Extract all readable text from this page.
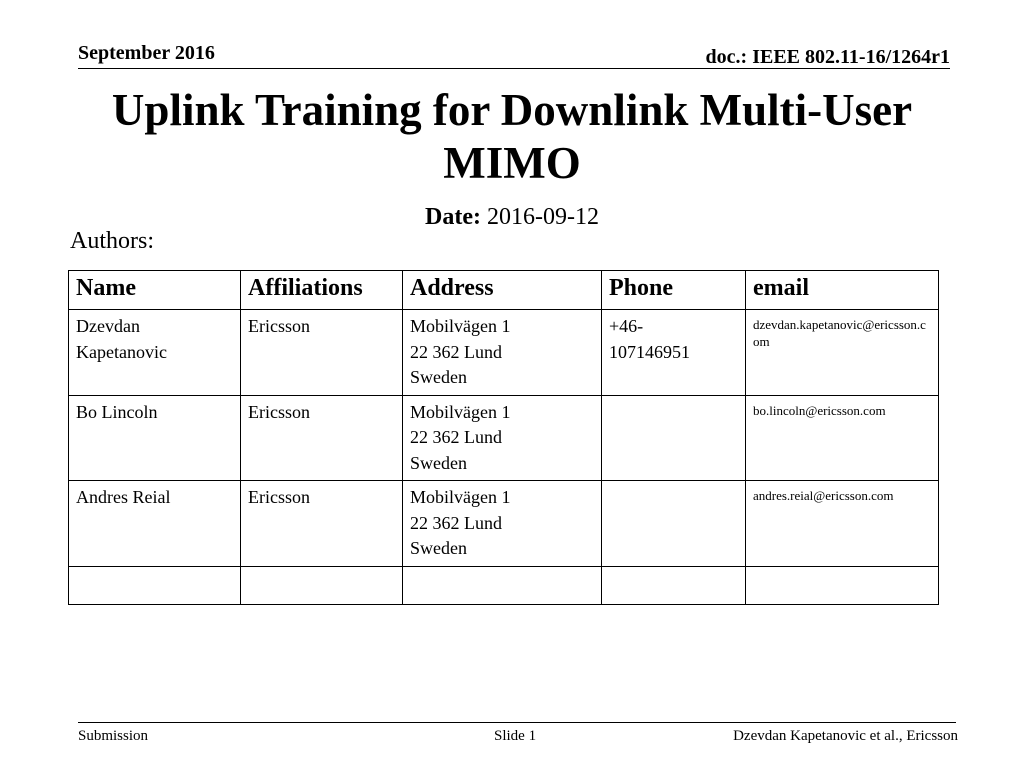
September 2016	doc.: IEEE 802.11-16/1264r1
Uplink Training for Downlink Multi-User MIMO
Date: 2016-09-12
Authors:
Name	Affiliations	Address	Phone	email

Dzevdan
Kapetanovic	Ericsson	Mobilvägen 1
22 362 Lund
Sweden	+46-
107146951	dzevdan.kapetanovic@ericsson.com

Bo Lincoln	Ericsson	Mobilvägen 1
22 362 Lund
Sweden		bo.lincoln@ericsson.com

Andres Reial	Ericsson	Mobilvägen 1
22 362 Lund
Sweden		andres.reial@ericsson.com

Submission	Slide 1	Dzevdan Kapetanovic et al., Ericsson
